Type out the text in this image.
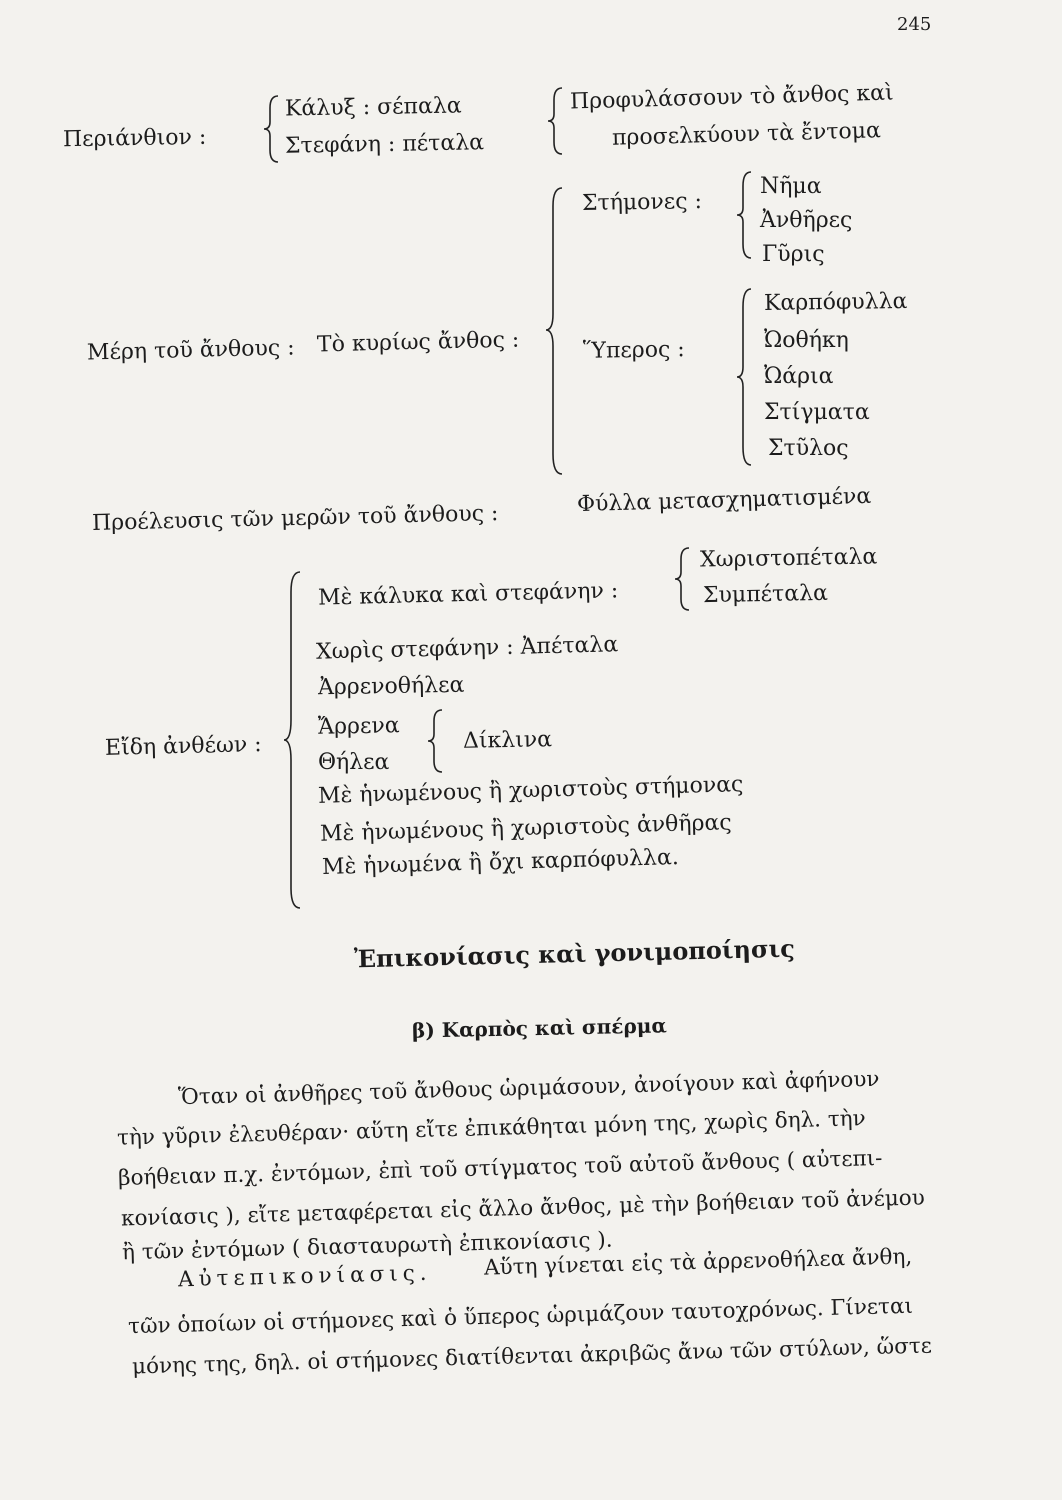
245
Περιάνθιον :
Κάλυξ : σέπαλα
Στεφάνη : πέταλα
Προφυλάσσουν τὸ ἄνθος καὶ
προσελκύουν τὰ ἔντομα
Μέρη τοῦ ἄνθους : Τὸ κυρίως ἄνθος :
Στήμονες :
Νῆμα
Ἀνθῆρες
Γῦρις
Ὕπερος :
Καρπόφυλλα
Ὠοθήκη
Ὠάρια
Στίγματα
Στῦλος
Προέλευσις τῶν μερῶν τοῦ ἄνθους :
Φύλλα μετασχηματισμένα
Εἴδη ἀνθέων :
Μὲ κάλυκα καὶ στεφάνην :
Χωριστοπέταλα
Συμπέταλα
Χωρὶς στεφάνην : Ἀπέταλα
Ἀρρενοθήλεα
Ἄρρενα
Θήλεα
Δίκλινα
Μὲ ἡνωμένους ἢ χωριστοὺς στήμονας
Μὲ ἡνωμένους ἢ χωριστοὺς ἀνθῆρας
Μὲ ἡνωμένα ἢ ὄχι καρπόφυλλα.
Ἐπικονίασις καὶ γονιμοποίησις
β) Καρπὸς καὶ σπέρμα
Ὅταν οἱ ἀνθῆρες τοῦ ἄνθους ὡριμάσουν, ἀνοίγουν καὶ ἀφήνουν
τὴν γῦριν ἐλευθέραν· αὕτη εἴτε ἐπικάθηται μόνη της, χωρὶς δηλ. τὴν
βοήθειαν π.χ. ἐντόμων, ἐπὶ τοῦ στίγματος τοῦ αὐτοῦ ἄνθους ( αὐτεπι-
κονίασις ), εἴτε μεταφέρεται εἰς ἄλλο ἄνθος, μὲ τὴν βοήθειαν τοῦ ἀνέμου
ἢ τῶν ἐντόμων ( διασταυρωτὴ ἐπικονίασις ).
Αὐτεπικονίασις. Αὕτη γίνεται εἰς τὰ ἀρρενοθήλεα ἄνθη,
τῶν ὁποίων οἱ στήμονες καὶ ὁ ὕπερος ὡριμάζουν ταυτοχρόνως. Γίνεται
μόνης της, δηλ. οἱ στήμονες διατίθενται ἀκριβῶς ἄνω τῶν στύλων, ὥστε
